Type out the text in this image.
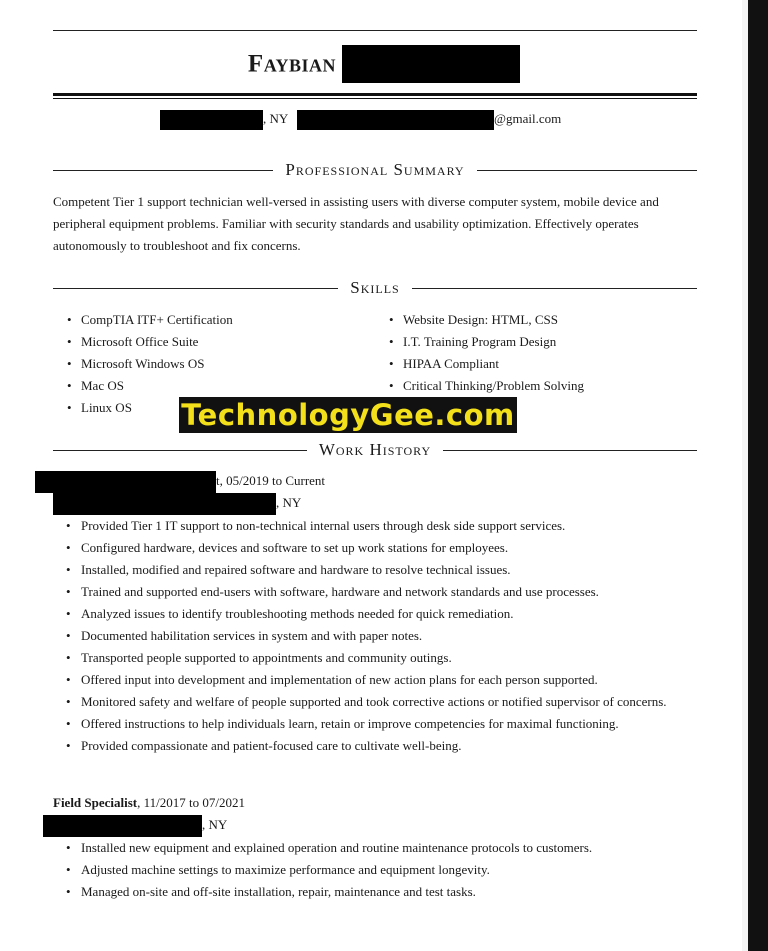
Faybian
, NY	@gmail.com
Professional Summary
Competent Tier 1 support technician well-versed in assisting users with diverse computer system, mobile device and peripheral equipment problems. Familiar with security standards and usability optimization. Effectively operates autonomously to troubleshoot and fix concerns.
Skills
• CompTIA ITF+ Certification
• Microsoft Office Suite
• Microsoft Windows OS
• Mac OS
• Linux OS
• Website Design: HTML, CSS
• I.T. Training Program Design
• HIPAA Compliant
• Critical Thinking/Problem Solving
Work History
TechnologyGee.com
t, 05/2019 to Current
, NY
• Provided Tier 1 IT support to non-technical internal users through desk side support services.
• Configured hardware, devices and software to set up work stations for employees.
• Installed, modified and repaired software and hardware to resolve technical issues.
• Trained and supported end-users with software, hardware and network standards and use processes.
• Analyzed issues to identify troubleshooting methods needed for quick remediation.
• Documented habilitation services in system and with paper notes.
• Transported people supported to appointments and community outings.
• Offered input into development and implementation of new action plans for each person supported.
• Monitored safety and welfare of people supported and took corrective actions or notified supervisor of concerns.
• Offered instructions to help individuals learn, retain or improve competencies for maximal functioning.
• Provided compassionate and patient-focused care to cultivate well-being.
Field Specialist, 11/2017 to 07/2021
, NY
• Installed new equipment and explained operation and routine maintenance protocols to customers.
• Adjusted machine settings to maximize performance and equipment longevity.
• Managed on-site and off-site installation, repair, maintenance and test tasks.
